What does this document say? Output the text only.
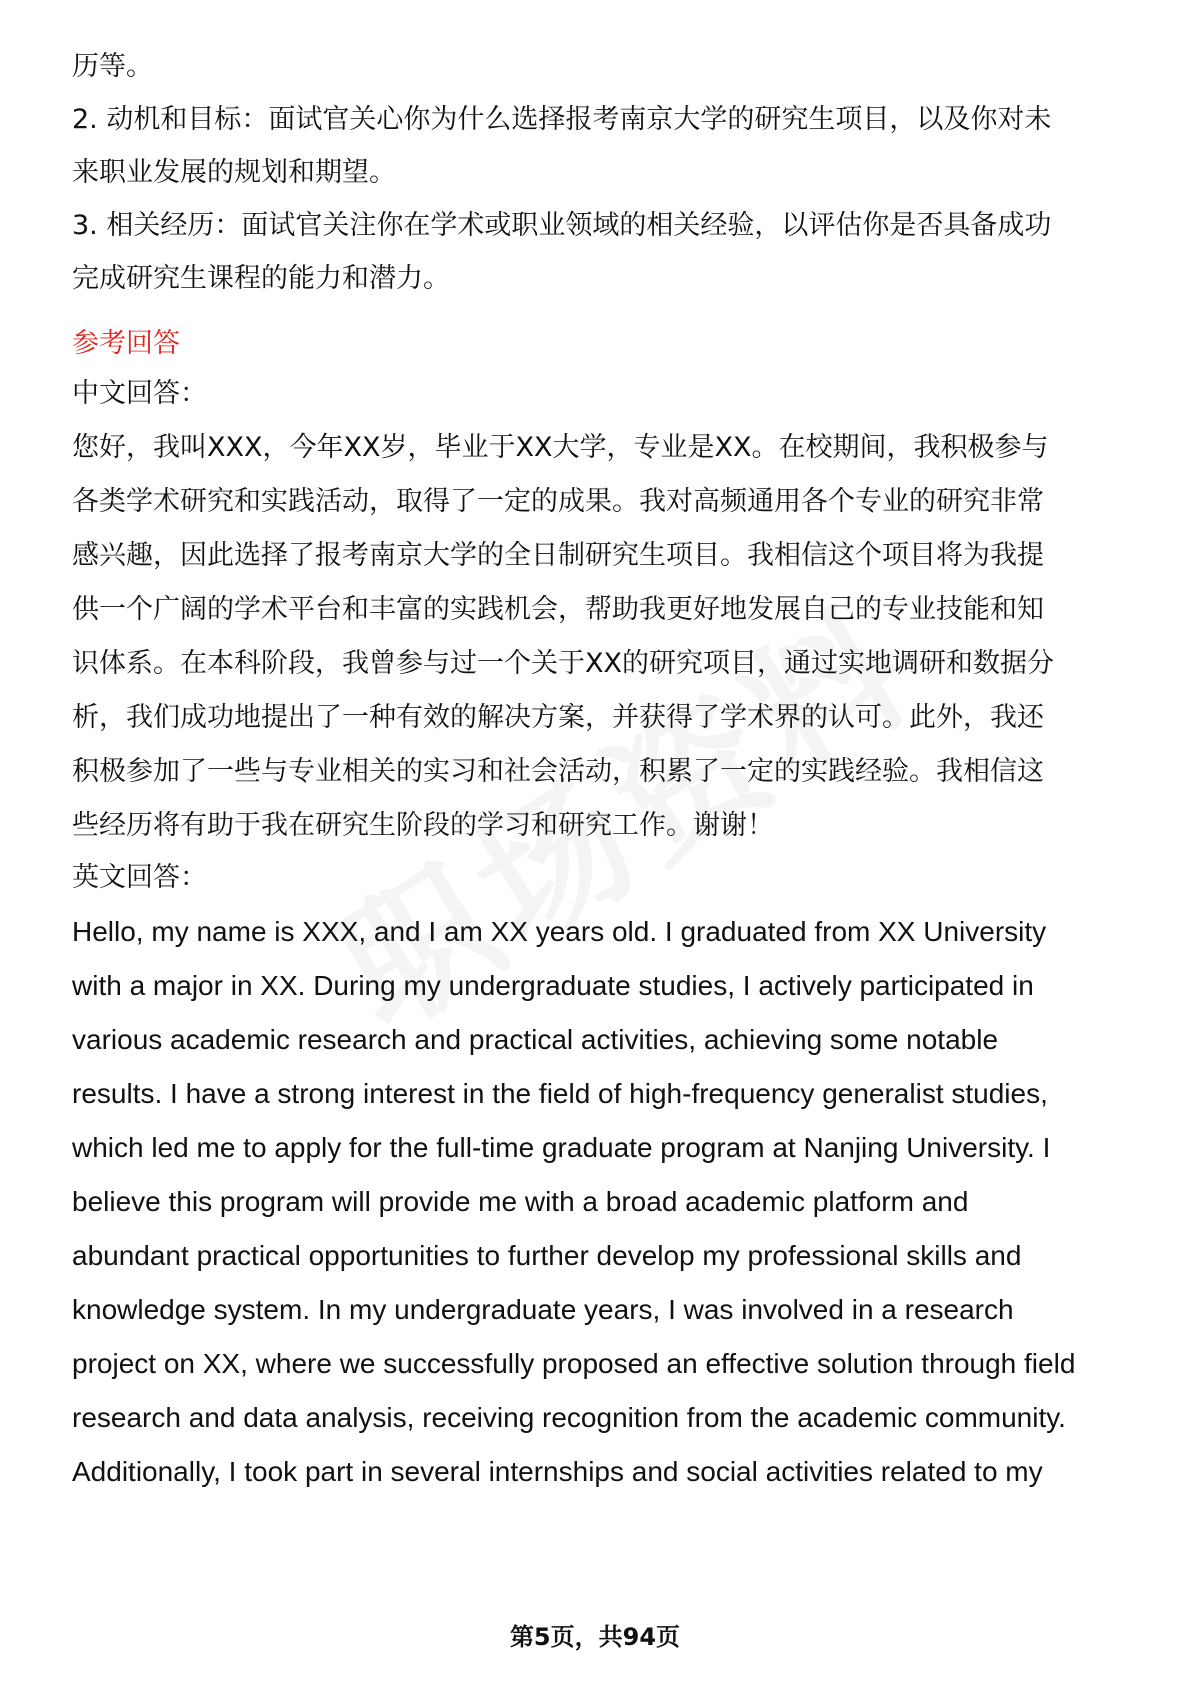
历等。
2. 动机和目标：面试官关心你为什么选择报考南京大学的研究生项目，以及你对未
来职业发展的规划和期望。
3. 相关经历：面试官关注你在学术或职业领域的相关经验，以评估你是否具备成功
完成研究生课程的能力和潜力。
参考回答
中文回答：
您好，我叫XXX，今年XX岁，毕业于XX大学，专业是XX。在校期间，我积极参与
各类学术研究和实践活动，取得了一定的成果。我对高频通用各个专业的研究非常
感兴趣，因此选择了报考南京大学的全日制研究生项目。我相信这个项目将为我提
供一个广阔的学术平台和丰富的实践机会，帮助我更好地发展自己的专业技能和知
识体系。在本科阶段，我曾参与过一个关于XX的研究项目，通过实地调研和数据分
析，我们成功地提出了一种有效的解决方案，并获得了学术界的认可。此外，我还
积极参加了一些与专业相关的实习和社会活动，积累了一定的实践经验。我相信这
些经历将有助于我在研究生阶段的学习和研究工作。谢谢！
英文回答：
Hello, my name is XXX, and I am XX years old. I graduated from XX University
with a major in XX. During my undergraduate studies, I actively participated in
various academic research and practical activities, achieving some notable
results. I have a strong interest in the field of high-frequency generalist studies,
which led me to apply for the full-time graduate program at Nanjing University. I
believe this program will provide me with a broad academic platform and
abundant practical opportunities to further develop my professional skills and
knowledge system. In my undergraduate years, I was involved in a research
project on XX, where we successfully proposed an effective solution through field
research and data analysis, receiving recognition from the academic community.
Additionally, I took part in several internships and social activities related to my
第5页，共94页
